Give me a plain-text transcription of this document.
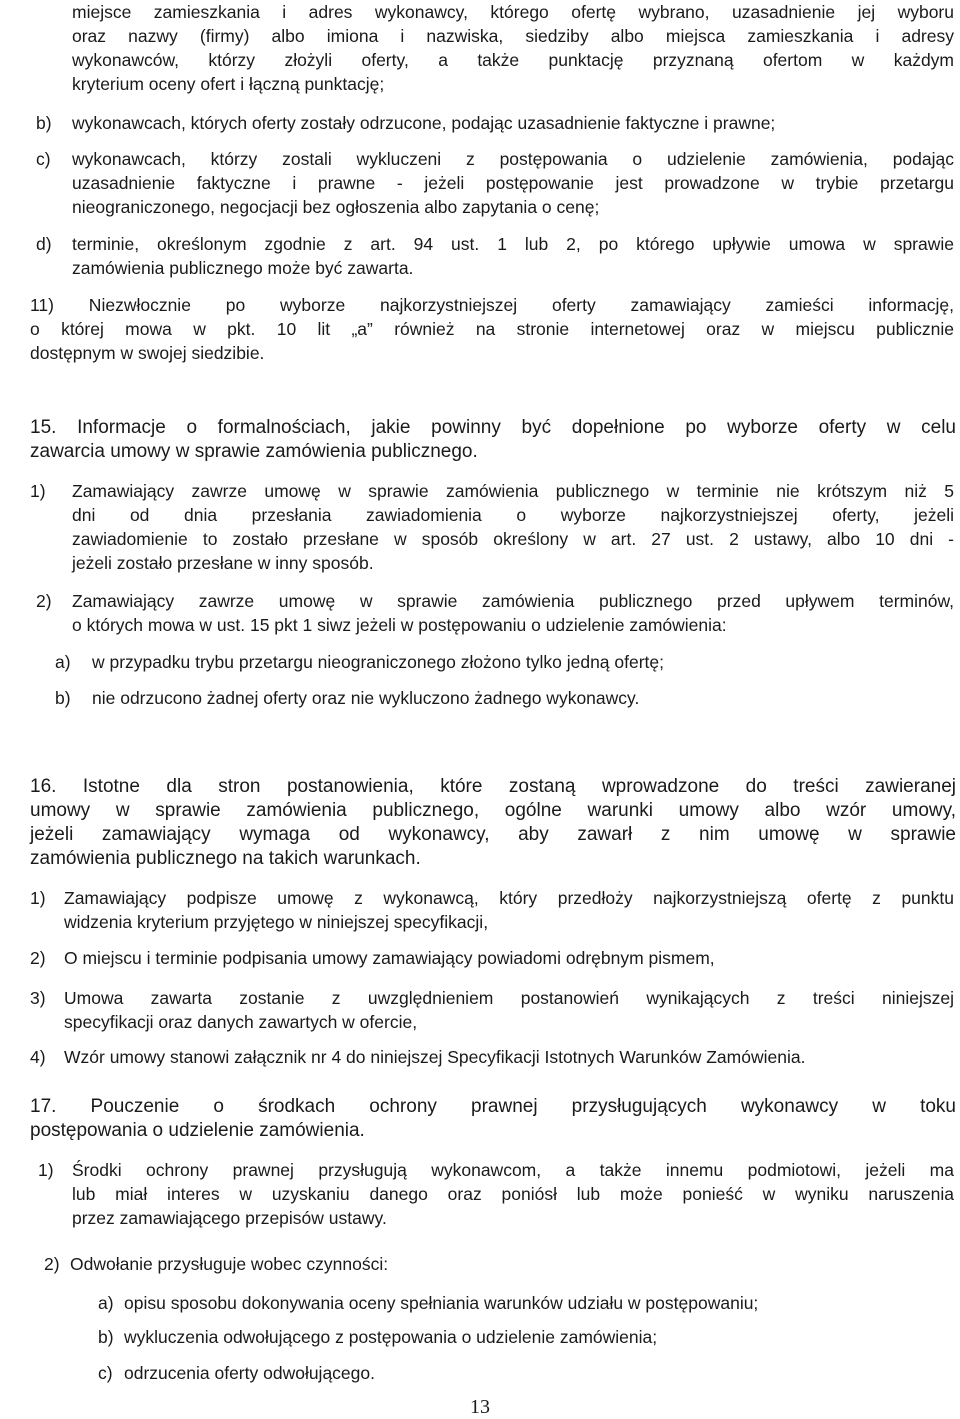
miejsce zamieszkania i adres wykonawcy, którego ofertę wybrano, uzasadnienie jej wyboru
oraz nazwy (firmy) albo imiona i nazwiska, siedziby albo miejsca zamieszkania i adresy
wykonawców, którzy złożyli oferty, a także punktację przyznaną ofertom w każdym
kryterium oceny ofert i łączną punktację;

b) wykonawcach, których oferty zostały odrzucone, podając uzasadnienie faktyczne i prawne;

c) wykonawcach, którzy zostali wykluczeni z postępowania o udzielenie zamówienia, podając
uzasadnienie faktyczne i prawne - jeżeli postępowanie jest prowadzone w trybie przetargu
nieograniczonego, negocjacji bez ogłoszenia albo zapytania o cenę;

d) terminie, określonym zgodnie z art. 94 ust. 1 lub 2, po którego upływie umowa w sprawie
zamówienia publicznego może być zawarta.

11) Niezwłocznie po wyborze najkorzystniejszej oferty zamawiający zamieści informację,
o której mowa w pkt. 10 lit „a” również na stronie internetowej oraz w miejscu publicznie
dostępnym w swojej siedzibie.

15. Informacje o formalnościach, jakie powinny być dopełnione po wyborze oferty w celu
zawarcia umowy w sprawie zamówienia publicznego.

1) Zamawiający zawrze umowę w sprawie zamówienia publicznego w terminie nie krótszym niż 5
dni od dnia przesłania zawiadomienia o wyborze najkorzystniejszej oferty, jeżeli
zawiadomienie to zostało przesłane w sposób określony w art. 27 ust. 2 ustawy, albo 10 dni -
jeżeli zostało przesłane w inny sposób.

2) Zamawiający zawrze umowę w sprawie zamówienia publicznego przed upływem terminów,
o których mowa w ust. 15 pkt 1 siwz jeżeli w postępowaniu o udzielenie zamówienia:

a) w przypadku trybu przetargu nieograniczonego złożono tylko jedną ofertę;

b) nie odrzucono żadnej oferty oraz nie wykluczono żadnego wykonawcy.

16. Istotne dla stron postanowienia, które zostaną wprowadzone do treści zawieranej
umowy w sprawie zamówienia publicznego, ogólne warunki umowy albo wzór umowy,
jeżeli zamawiający wymaga od wykonawcy, aby zawarł z nim umowę w sprawie
zamówienia publicznego na takich warunkach.

1) Zamawiający podpisze umowę z wykonawcą, który przedłoży najkorzystniejszą ofertę z punktu
widzenia kryterium przyjętego w niniejszej specyfikacji,

2) O miejscu i terminie podpisania umowy zamawiający powiadomi odrębnym pismem,

3) Umowa zawarta zostanie z uwzględnieniem postanowień wynikających z treści niniejszej
specyfikacji oraz danych zawartych w ofercie,

4) Wzór umowy stanowi załącznik nr 4 do niniejszej Specyfikacji Istotnych Warunków Zamówienia.

17. Pouczenie o środkach ochrony prawnej przysługujących wykonawcy w toku
postępowania o udzielenie zamówienia.

1) Środki ochrony prawnej przysługują wykonawcom, a także innemu podmiotowi, jeżeli ma
lub miał interes w uzyskaniu danego oraz poniósł lub może ponieść w wyniku naruszenia
przez zamawiającego przepisów ustawy.

2) Odwołanie przysługuje wobec czynności:

a) opisu sposobu dokonywania oceny spełniania warunków udziału w postępowaniu;

b) wykluczenia odwołującego z postępowania o udzielenie zamówienia;

c) odrzucenia oferty odwołującego.

13
